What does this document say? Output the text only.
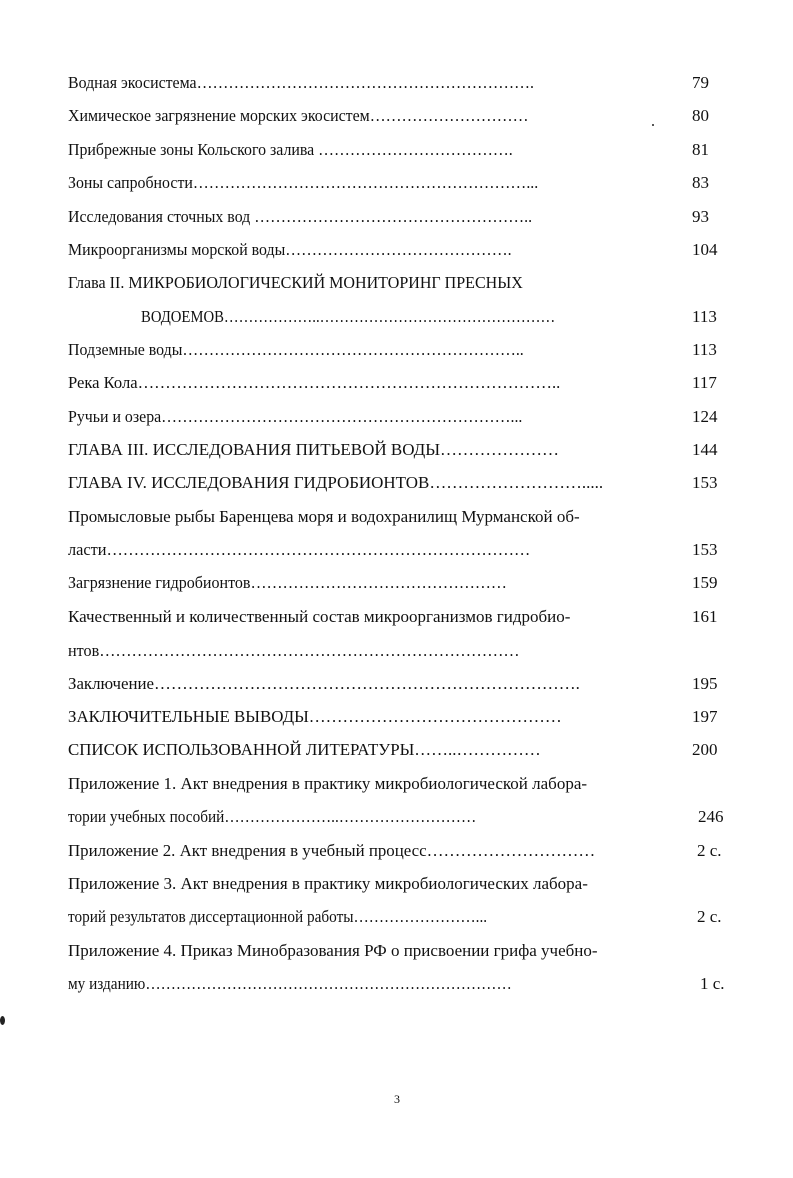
Водная экосистема……………………………………………………….	79
Химическое загрязнение морских экосистем…………………………	80
Прибрежные зоны Кольского залива ……………………………….	81
Зоны сапробности………………………………………………………...	83
Исследования сточных вод ……………………………………………..	93
Микроорганизмы морской воды…………………………………….	104
Глава II. МИКРОБИОЛОГИЧЕСКИЙ МОНИТОРИНГ ПРЕСНЫХ
ВОДОЕМОВ………………..…………………………………………	113
Подземные воды………………………………………………………..	113
Река Кола…………………………………………………………………..	117
Ручьи и озера…………………………………………………………...	124
ГЛАВА III. ИССЛЕДОВАНИЯ ПИТЬЕВОЙ ВОДЫ…………………	144
ГЛАВА IV. ИССЛЕДОВАНИЯ ГИДРОБИОНТОВ……………………….....	153
Промысловые рыбы Баренцева моря и водохранилищ Мурманской об-
ласти……………………………………………………………………	153
Загрязнение гидробионтов…………………………………………	159
Качественный и количественный состав микроорганизмов гидробио-	161
нтов……………………………………………………………………
Заключение………………………………………………………………….	195
ЗАКЛЮЧИТЕЛЬНЫЕ ВЫВОДЫ………………………………………	197
СПИСОК ИСПОЛЬЗОВАННОЙ ЛИТЕРАТУРЫ……..……………	200
Приложение 1. Акт внедрения в практику микробиологической лабора-
тории учебных пособий…………………..………………………	246
Приложение 2. Акт внедрения в учебный процесс…………………………	2 с.
Приложение 3. Акт внедрения в практику микробиологических лабора-
торий результатов диссертационной работы……………………...	2 с.
Приложение 4. Приказ Минобразования РФ о присвоении грифа учебно-
му изданию………………………………………………………………	1 с.
3
